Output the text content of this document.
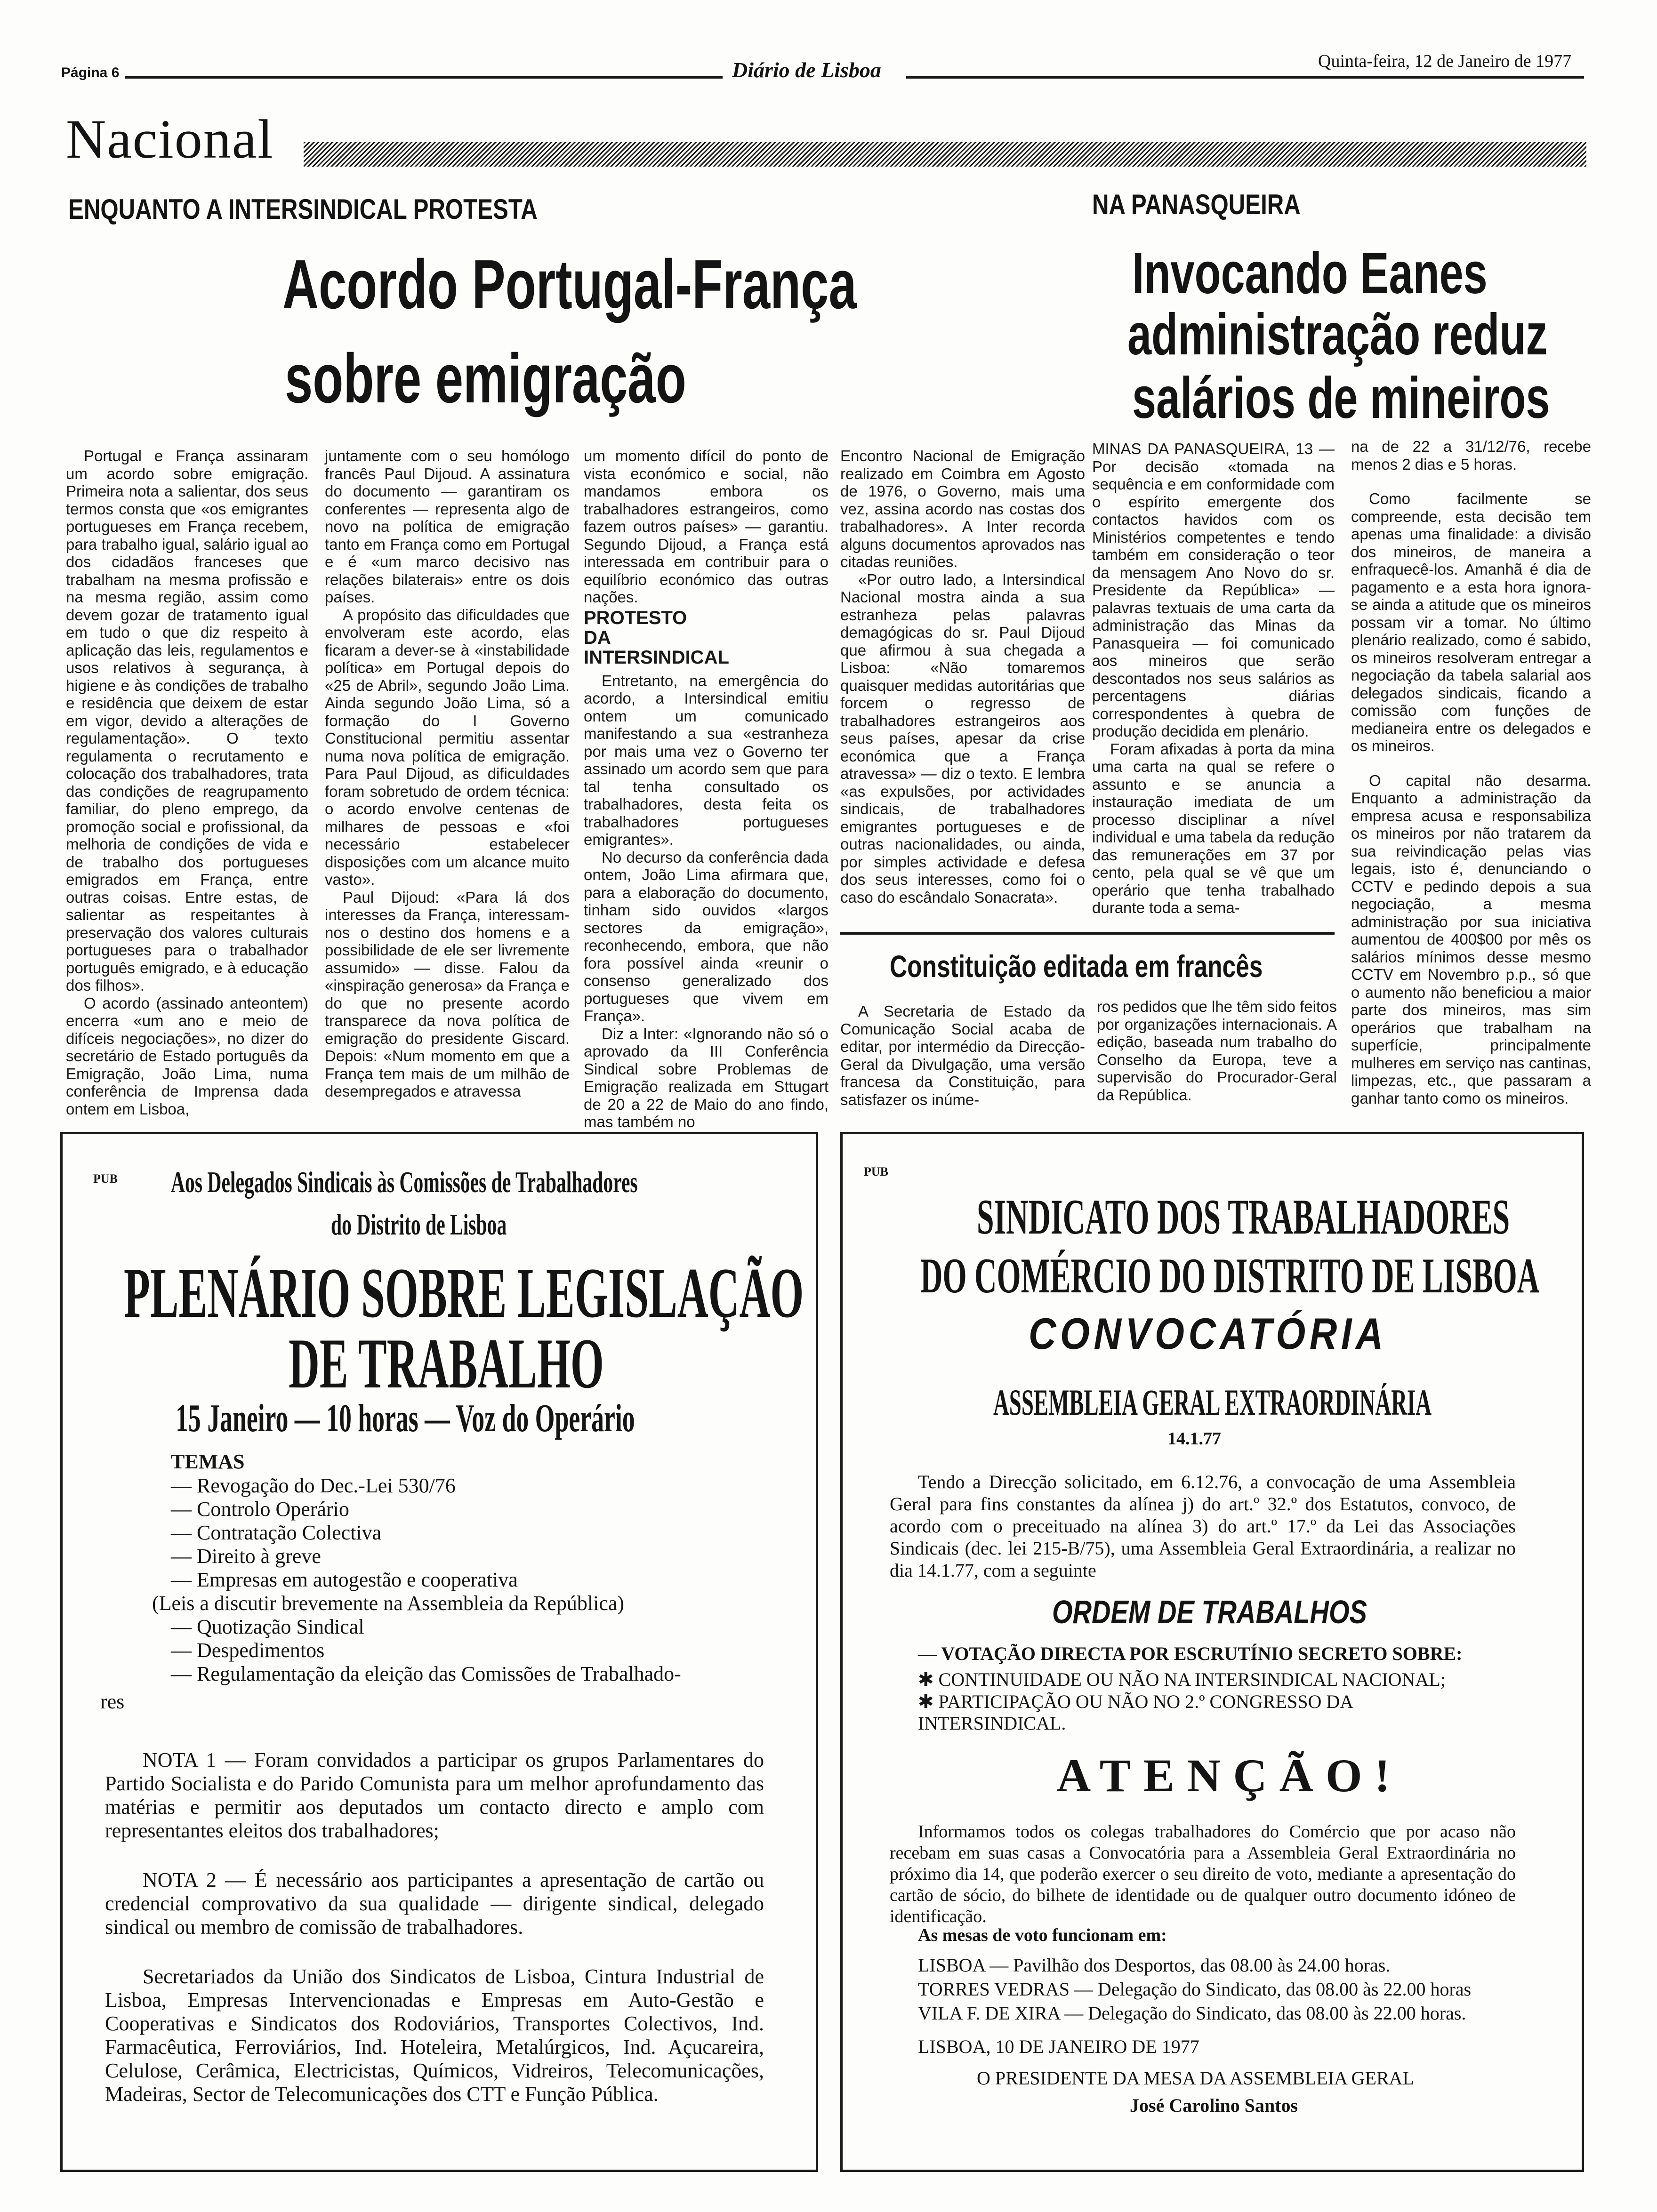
Página 6	Diário de Lisboa	Quinta-feira, 12 de Janeiro de 1977
Nacional
ENQUANTO A INTERSINDICAL PROTESTA
Acordo Portugal-França
sobre emigração

Portugal e França assinaram um acordo sobre emigração. Primeira nota a salientar, dos seus termos consta que «os emigrantes portugueses em França recebem, para trabalho igual, salário igual ao dos cidadãos franceses que trabalham na mesma profissão e na mesma região, assim como devem gozar de tratamento igual em tudo o que diz respeito à aplicação das leis, regulamentos e usos relativos à segurança, à higiene e às condições de trabalho e residência que deixem de estar em vigor, devido a alterações de regulamentação». O texto regulamenta o recrutamento e colocação dos trabalhadores, trata das condições de reagrupamento familiar, do pleno emprego, da promoção social e profissional, da melhoria de condições de vida e de trabalho dos portugueses emigrados em França, entre outras coisas. Entre estas, de salientar as respeitantes à preservação dos valores culturais portugueses para o trabalhador português emigrado, e à educação dos filhos».

O acordo (assinado anteontem) encerra «um ano e meio de difíceis negociações», no dizer do secretário de Estado português da Emigração, João Lima, numa conferência de Imprensa dada ontem em Lisboa,

juntamente com o seu homólogo francês Paul Dijoud. A assinatura do documento — garantiram os conferentes — representa algo de novo na política de emigração tanto em França como em Portugal e é «um marco decisivo nas relações bilaterais» entre os dois países.

A propósito das dificuldades que envolveram este acordo, elas ficaram a dever-se à «instabilidade política» em Portugal depois do «25 de Abril», segundo João Lima. Ainda segundo João Lima, só a formação do I Governo Constitucional permitiu assentar numa nova política de emigração. Para Paul Dijoud, as dificuldades foram sobretudo de ordem técnica: o acordo envolve centenas de milhares de pessoas e «foi necessário estabelecer disposições com um alcance muito vasto».

Paul Dijoud: «Para lá dos interesses da França, interessam-nos o destino dos homens e a possibilidade de ele ser livremente assumido» — disse. Falou da «inspiração generosa» da França e do que no presente acordo transparece da nova política de emigração do presidente Giscard. Depois: «Num momento em que a França tem mais de um milhão de desempregados e atravessa

um momento difícil do ponto de vista económico e social, não mandamos embora os trabalhadores estrangeiros, como fazem outros países» — garantiu. Segundo Dijoud, a França está interessada em contribuir para o equilíbrio económico das outras nações.

PROTESTO DA INTERSINDICAL

Entretanto, na emergência do acordo, a Intersindical emitiu ontem um comunicado manifestando a sua «estranheza por mais uma vez o Governo ter assinado um acordo sem que para tal tenha consultado os trabalhadores, desta feita os trabalhadores portugueses emigrantes».

No decurso da conferência dada ontem, João Lima afirmara que, para a elaboração do documento, tinham sido ouvidos «largos sectores da emigração», reconhecendo, embora, que não fora possível ainda «reunir o consenso generalizado dos portugueses que vivem em França».

Diz a Inter: «Ignorando não só o aprovado da III Conferência Sindical sobre Problemas de Emigração realizada em Sttugart de 20 a 22 de Maio do ano findo, mas também no

Encontro Nacional de Emigração realizado em Coimbra em Agosto de 1976, o Governo, mais uma vez, assina acordo nas costas dos trabalhadores». A Inter recorda alguns documentos aprovados nas citadas reuniões.

«Por outro lado, a Intersindical Nacional mostra ainda a sua estranheza pelas palavras demagógicas do sr. Paul Dijoud que afirmou à sua chegada a Lisboa: «Não tomaremos quaisquer medidas autoritárias que forcem o regresso de trabalhadores estrangeiros aos seus países, apesar da crise económica que a França atravessa» — diz o texto. E lembra «as expulsões, por actividades sindicais, de trabalhadores emigrantes portugueses e de outras nacionalidades, ou ainda, por simples actividade e defesa dos seus interesses, como foi o caso do escândalo Sonacrata».

NA PANASQUEIRA
Invocando Eanes
administração reduz
salários de mineiros

MINAS DA PANASQUEIRA, 13 — Por decisão «tomada na sequência e em conformidade com o espírito emergente dos contactos havidos com os Ministérios competentes e tendo também em consideração o teor da mensagem Ano Novo do sr. Presidente da República» — palavras textuais de uma carta da administração das Minas da Panasqueira — foi comunicado aos mineiros que serão descontados nos seus salários as percentagens diárias correspondentes à quebra de produção decidida em plenário.

Foram afixadas à porta da mina uma carta na qual se refere o assunto e se anuncia a instauração imediata de um processo disciplinar a nível individual e uma tabela da redução das remunerações em 37 por cento, pela qual se vê que um operário que tenha trabalhado durante toda a sema-

na de 22 a 31/12/76, recebe menos 2 dias e 5 horas.

Como facilmente se compreende, esta decisão tem apenas uma finalidade: a divisão dos mineiros, de maneira a enfraquecê-los. Amanhã é dia de pagamento e a esta hora ignora-se ainda a atitude que os mineiros possam vir a tomar. No último plenário realizado, como é sabido, os mineiros resolveram entregar a negociação da tabela salarial aos delegados sindicais, ficando a comissão com funções de medianeira entre os delegados e os mineiros.

O capital não desarma. Enquanto a administração da empresa acusa e responsabiliza os mineiros por não tratarem da sua reivindicação pelas vias legais, isto é, denunciando o CCTV e pedindo depois a sua negociação, a mesma administração por sua iniciativa aumentou de 400$00 por mês os salários mínimos desse mesmo CCTV em Novembro p.p., só que o aumento não beneficiou a maior parte dos mineiros, mas sim operários que trabalham na superfície, principalmente mulheres em serviço nas cantinas, limpezas, etc., que passaram a ganhar tanto como os mineiros.

Constituição editada em francês

A Secretaria de Estado da Comunicação Social acaba de editar, por intermédio da Direcção-Geral da Divulgação, uma versão francesa da Constituição, para satisfazer os inúme-

ros pedidos que lhe têm sido feitos por organizações internacionais. A edição, baseada num trabalho do Conselho da Europa, teve a supervisão do Procurador-Geral da República.

PUB Aos Delegados Sindicais às Comissões de Trabalhadores
do Distrito de Lisboa
PLENÁRIO SOBRE LEGISLAÇÃO
DE TRABALHO
15 Janeiro — 10 horas — Voz do Operário
TEMAS
— Revogação do Dec.-Lei 530/76
— Controlo Operário
— Contratação Colectiva
— Direito à greve
— Empresas em autogestão e cooperativa
(Leis a discutir brevemente na Assembleia da República)
— Quotização Sindical
— Despedimentos
— Regulamentação da eleição das Comissões de Trabalhado-
res
NOTA 1 — Foram convidados a participar os grupos Parlamentares do Partido Socialista e do Parido Comunista para um melhor aprofundamento das matérias e permitir aos deputados um contacto directo e amplo com representantes eleitos dos trabalhadores;
NOTA 2 — É necessário aos participantes a apresentação de cartão ou credencial comprovativo da sua qualidade — dirigente sindical, delegado sindical ou membro de comissão de trabalhadores.
Secretariados da União dos Sindicatos de Lisboa, Cintura Industrial de Lisboa, Empresas Intervencionadas e Empresas em Auto-Gestão e Cooperativas e Sindicatos dos Rodoviários, Transportes Colectivos, Ind. Farmacêutica, Ferroviários, Ind. Hoteleira, Metalúrgicos, Ind. Açucareira, Celulose, Cerâmica, Electricistas, Químicos, Vidreiros, Telecomunicações, Madeiras, Sector de Telecomunicações dos CTT e Função Pública.
PUB
SINDICATO DOS TRABALHADORES
DO COMÉRCIO DO DISTRITO DE LISBOA
CONVOCATÓRIA
ASSEMBLEIA GERAL EXTRAORDINÁRIA
14.1.77
Tendo a Direcção solicitado, em 6.12.76, a convocação de uma Assembleia Geral para fins constantes da alínea j) do art.º 32.º dos Estatutos, convoco, de acordo com o preceituado na alínea 3) do art.º 17.º da Lei das Associações Sindicais (dec. lei 215-B/75), uma Assembleia Geral Extraordinária, a realizar no dia 14.1.77, com a seguinte
ORDEM DE TRABALHOS
— VOTAÇÃO DIRECTA POR ESCRUTÍNIO SECRETO SOBRE:
✱ CONTINUIDADE OU NÃO NA INTERSINDICAL NACIONAL;
✱ PARTICIPAÇÃO OU NÃO NO 2.º CONGRESSO DA INTERSINDICAL.
ATENÇÃO!
Informamos todos os colegas trabalhadores do Comércio que por acaso não recebam em suas casas a Convocatória para a Assembleia Geral Extraordinária no próximo dia 14, que poderão exercer o seu direito de voto, mediante a apresentação do cartão de sócio, do bilhete de identidade ou de qualquer outro documento idóneo de identificação.
As mesas de voto funcionam em:
LISBOA — Pavilhão dos Desportos, das 08.00 às 24.00 horas.
TORRES VEDRAS — Delegação do Sindicato, das 08.00 às 22.00 horas
VILA F. DE XIRA — Delegação do Sindicato, das 08.00 às 22.00 horas.
LISBOA, 10 DE JANEIRO DE 1977
O PRESIDENTE DA MESA DA ASSEMBLEIA GERAL
José Carolino Santos
